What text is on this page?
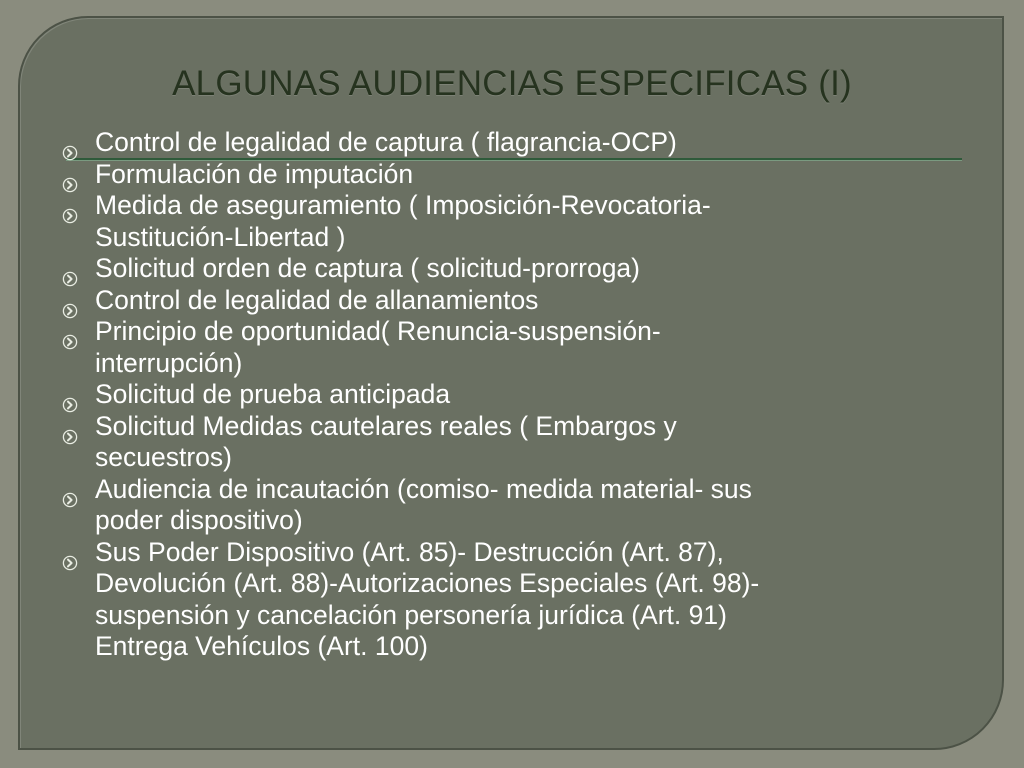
ALGUNAS AUDIENCIAS ESPECIFICAS (I)
Control de legalidad de captura ( flagrancia-OCP)
Formulación de imputación
Medida de aseguramiento ( Imposición-Revocatoria-
Sustitución-Libertad )
Solicitud orden de captura ( solicitud-prorroga)
Control de legalidad de allanamientos
Principio de oportunidad( Renuncia-suspensión-
interrupción)
Solicitud de prueba anticipada
Solicitud Medidas cautelares reales ( Embargos y
secuestros)
Audiencia de incautación (comiso- medida material- sus
poder dispositivo)
Sus Poder Dispositivo (Art. 85)- Destrucción (Art. 87),
Devolución (Art. 88)-Autorizaciones Especiales (Art. 98)-
suspensión y cancelación personería jurídica (Art. 91)
Entrega Vehículos (Art. 100)
